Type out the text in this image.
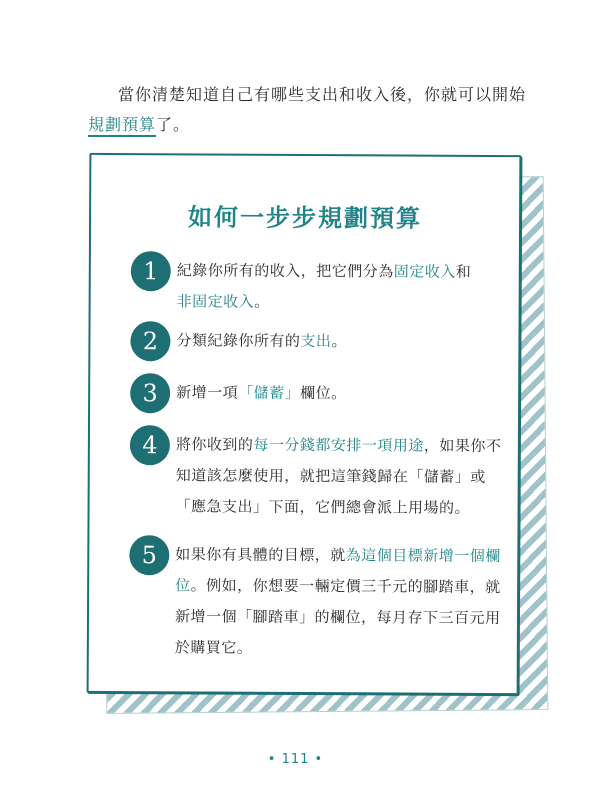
當你清楚知道自己有哪些支出和收入後，你就可以開始規劃預算了。
如何一步步規劃預算
1	紀錄你所有的收入，把它們分為固定收入和
非固定收入。
2	分類紀錄你所有的支出。
3	新增一項「儲蓄」欄位。
4	將你收到的每一分錢都安排一項用途，如果你不知道該怎麼使用，就把這筆錢歸在「儲蓄」或「應急支出」下面，它們總會派上用場的。
5	如果你有具體的目標，就為這個目標新增一個欄位。例如，你想要一輛定價三千元的腳踏車，就新增一個「腳踏車」的欄位，每月存下三百元用於購買它。
• 111 •
